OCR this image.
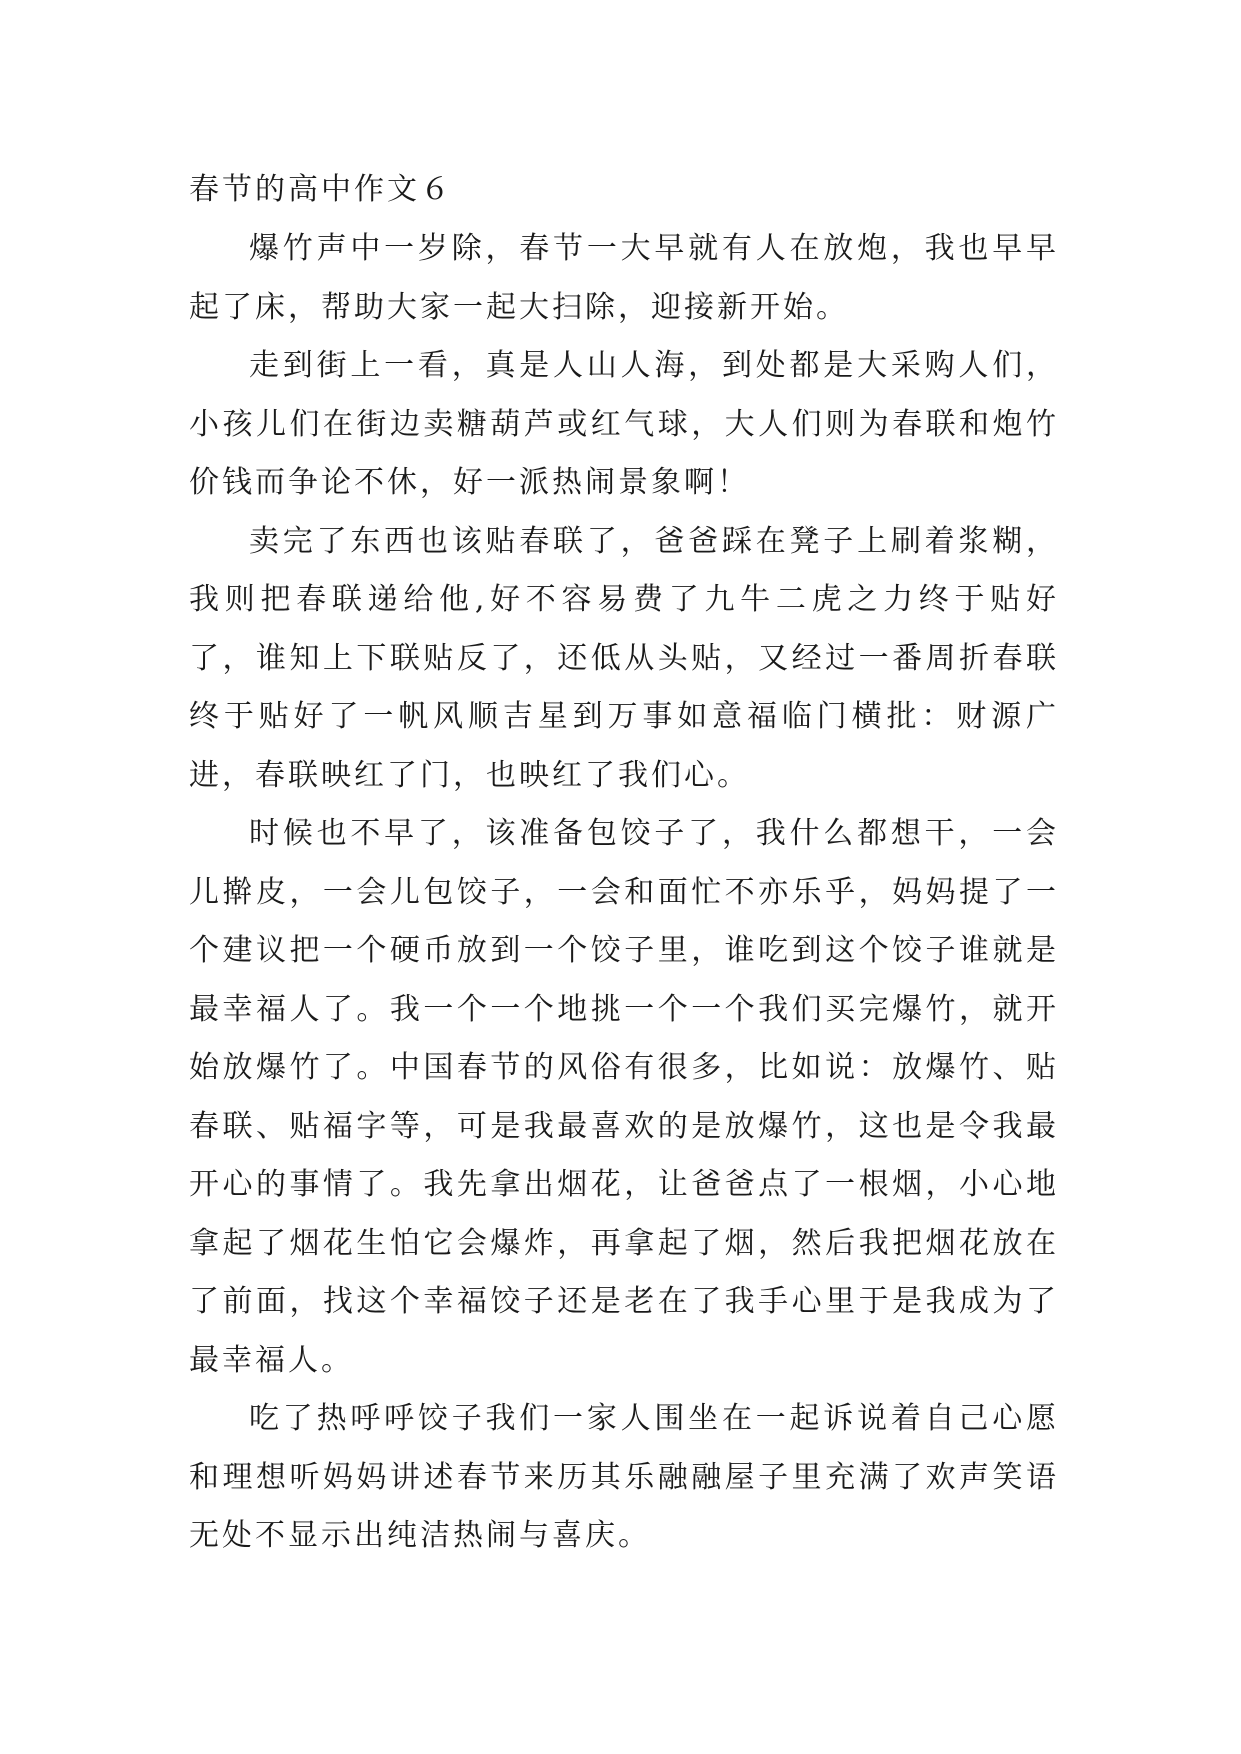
春节的高中作文６

爆竹声中一岁除，春节一大早就有人在放炮，我也早早起了床，帮助大家一起大扫除，迎接新开始。

走到街上一看，真是人山人海，到处都是大采购人们，小孩儿们在街边卖糖葫芦或红气球，大人们则为春联和炮竹价钱而争论不休，好一派热闹景象啊！

卖完了东西也该贴春联了，爸爸踩在凳子上刷着浆糊，我则把春联递给他,好不容易费了九牛二虎之力终于贴好了，谁知上下联贴反了，还低从头贴，又经过一番周折春联终于贴好了一帆风顺吉星到万事如意福临门横批：财源广进，春联映红了门，也映红了我们心。

时候也不早了，该准备包饺子了，我什么都想干，一会儿擀皮，一会儿包饺子，一会和面忙不亦乐乎，妈妈提了一个建议把一个硬币放到一个饺子里，谁吃到这个饺子谁就是最幸福人了。我一个一个地挑一个一个我们买完爆竹，就开始放爆竹了。中国春节的风俗有很多，比如说：放爆竹、贴春联、贴福字等，可是我最喜欢的是放爆竹，这也是令我最开心的事情了。我先拿出烟花，让爸爸点了一根烟，小心地拿起了烟花生怕它会爆炸，再拿起了烟，然后我把烟花放在了前面，找这个幸福饺子还是老在了我手心里于是我成为了最幸福人。

吃了热呼呼饺子我们一家人围坐在一起诉说着自己心愿和理想听妈妈讲述春节来历其乐融融屋子里充满了欢声笑语无处不显示出纯洁热闹与喜庆。
